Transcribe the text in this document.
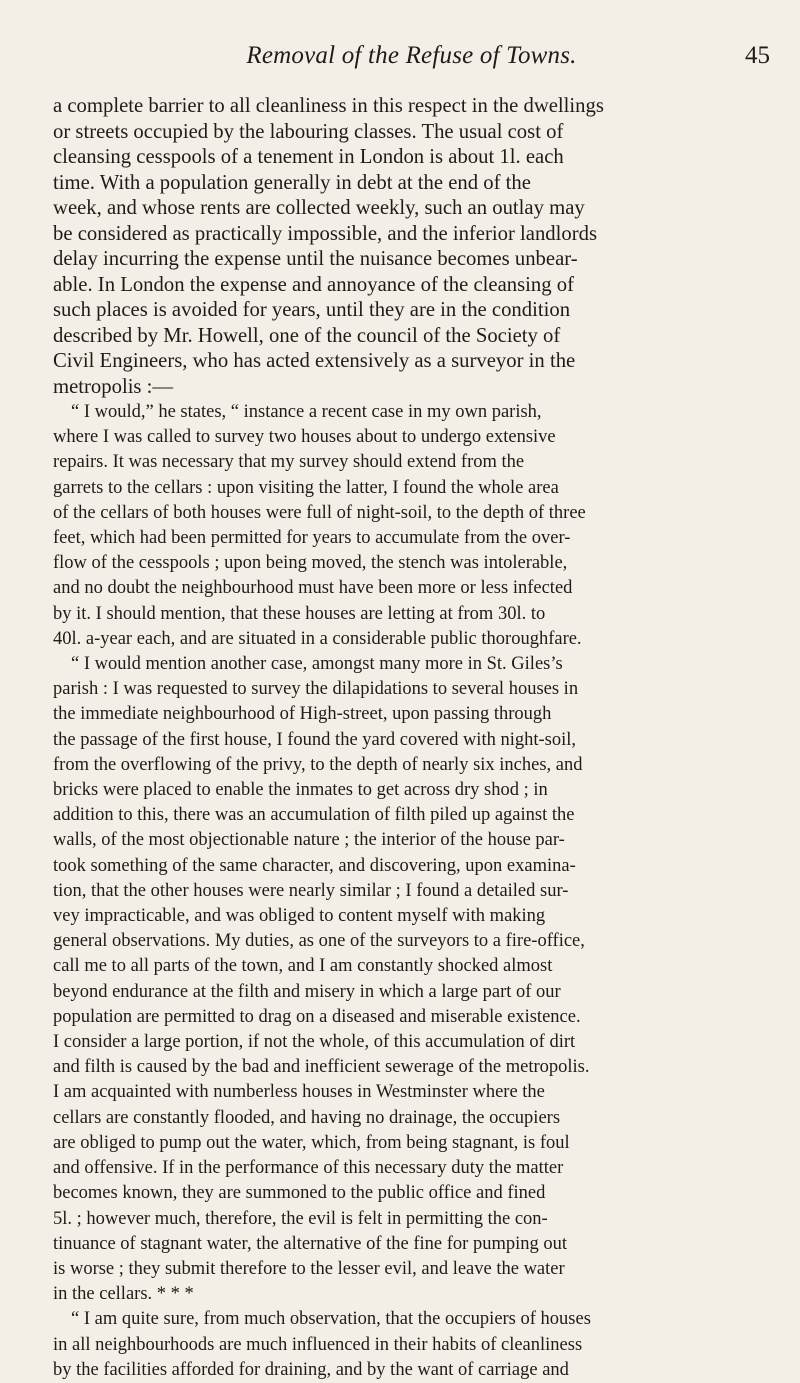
Removal of the Refuse of Towns.	45
a complete barrier to all cleanliness in this respect in the dwellings
or streets occupied by the labouring classes. The usual cost of
cleansing cesspools of a tenement in London is about 1l. each
time. With a population generally in debt at the end of the
week, and whose rents are collected weekly, such an outlay may
be considered as practically impossible, and the inferior landlords
delay incurring the expense until the nuisance becomes unbear-
able. In London the expense and annoyance of the cleansing of
such places is avoided for years, until they are in the condition
described by Mr. Howell, one of the council of the Society of
Civil Engineers, who has acted extensively as a surveyor in the
metropolis :—
“ I would,” he states, “ instance a recent case in my own parish,
where I was called to survey two houses about to undergo extensive
repairs. It was necessary that my survey should extend from the
garrets to the cellars : upon visiting the latter, I found the whole area
of the cellars of both houses were full of night-soil, to the depth of three
feet, which had been permitted for years to accumulate from the over-
flow of the cesspools ; upon being moved, the stench was intolerable,
and no doubt the neighbourhood must have been more or less infected
by it. I should mention, that these houses are letting at from 30l. to
40l. a-year each, and are situated in a considerable public thoroughfare.
“ I would mention another case, amongst many more in St. Giles’s
parish : I was requested to survey the dilapidations to several houses in
the immediate neighbourhood of High-street, upon passing through
the passage of the first house, I found the yard covered with night-soil,
from the overflowing of the privy, to the depth of nearly six inches, and
bricks were placed to enable the inmates to get across dry shod ; in
addition to this, there was an accumulation of filth piled up against the
walls, of the most objectionable nature ; the interior of the house par-
took something of the same character, and discovering, upon examina-
tion, that the other houses were nearly similar ; I found a detailed sur-
vey impracticable, and was obliged to content myself with making
general observations. My duties, as one of the surveyors to a fire-office,
call me to all parts of the town, and I am constantly shocked almost
beyond endurance at the filth and misery in which a large part of our
population are permitted to drag on a diseased and miserable existence.
I consider a large portion, if not the whole, of this accumulation of dirt
and filth is caused by the bad and inefficient sewerage of the metropolis.
I am acquainted with numberless houses in Westminster where the
cellars are constantly flooded, and having no drainage, the occupiers
are obliged to pump out the water, which, from being stagnant, is foul
and offensive. If in the performance of this necessary duty the matter
becomes known, they are summoned to the public office and fined
5l. ; however much, therefore, the evil is felt in permitting the con-
tinuance of stagnant water, the alternative of the fine for pumping out
is worse ; they submit therefore to the lesser evil, and leave the water
in the cellars. * * *
“ I am quite sure, from much observation, that the occupiers of houses
in all neighbourhoods are much influenced in their habits of cleanliness
by the facilities afforded for draining, and by the want of carriage and
